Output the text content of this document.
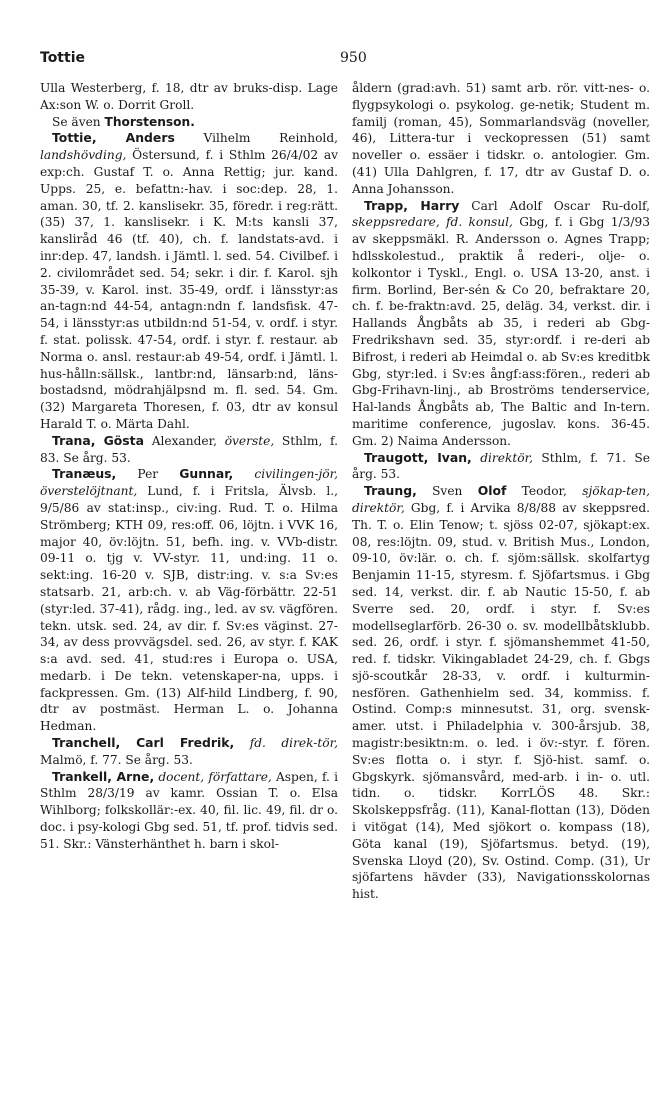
Tottie	950

Ulla Westerberg, f. 18, dtr av bruks-disp. Lage Ax:son W. o. Dorrit Groll.

Se även Thorstenson.

Tottie, Anders Vilhelm Reinhold, landshövding, Östersund, f. i Sthlm 26/4/02 av exp:ch. Gustaf T. o. Anna Rettig; jur. kand. Upps. 25, e. befattn:-hav. i soc:dep. 28, 1. aman. 30, tf. 2. kanslisekr. 35, föredr. i reg:rätt. (35) 37, 1. kanslisekr. i K. M:ts kansli 37, kanslіråd 46 (tf. 40), ch. f. landstats-avd. i inr:dep. 47, landsh. i Jämtl. l. sed. 54. Civilbef. i 2. civilområdet sed. 54; sekr. i dir. f. Karol. sjh 35-39, v. Karol. inst. 35-49, ordf. i länsstyr:as an-tagn:nd 44-54, antagn:ndn f. landsfisk. 47-54, i länsstyr:as utbildn:nd 51-54, v. ordf. i styr. f. stat. polissk. 47-54, ordf. i styr. f. restaur. ab Norma o. ansl. restaur:ab 49-54, ordf. i Jämtl. l. hus-hålln:sällsk., lantbr:nd, länsarb:nd, läns-bostadsnd, mödrahjälpsnd m. fl. sed. 54. Gm. (32) Margareta Thoresen, f. 03, dtr av konsul Harald T. o. Märta Dahl.

Trana, Gösta Alexander, överste, Sthlm, f. 83. Se årg. 53.

Tranæus, Per Gunnar, civilingen-jör, överstelöjtnant, Lund, f. i Fritsla, Älvsb. l., 9/5/86 av stat:insp., civ:ing. Rud. T. o. Hilma Strömberg; KTH 09, res:off. 06, löjtn. i VVK 16, major 40, öv:löjtn. 51, befh. ing. v. VVb-distr. 09-11 o. tjg v. VV-styr. 11, und:ing. 11 o. sekt:ing. 16-20 v. SJB, distr:ing. v. s:a Sv:es statsarb. 21, arb:ch. v. ab Väg-förbättr. 22-51 (styr:led. 37-41), rådg. ing., led. av sv. vägfören. tekn. utsk. sed. 24, av dir. f. Sv:es väginst. 27-34, av dess provvägsdel. sed. 26, av styr. f. KAK s:a avd. sed. 41, stud:res i Europa o. USA, medarb. i De tekn. vetenskaper-na, upps. i fackpressen. Gm. (13) Alf-hild Lindberg, f. 90, dtr av postmäst. Herman L. o. Johanna Hedman.

Tranchell, Carl Fredrik, fd. direk-tör, Malmö, f. 77. Se årg. 53.

Trankell, Arne, docent, författare, Aspen, f. i Sthlm 28/3/19 av kamr. Ossian T. o. Elsa Wihlborg; folkskollär:-ex. 40, fil. lic. 49, fil. dr o. doc. i psy-kologi Gbg sed. 51, tf. prof. tidvis sed. 51. Skr.: Vänsterhänthet h. barn i skol-

åldern (grad:avh. 51) samt arb. rör. vitt-nes- o. flygpsykologi o. psykolog. ge-netik; Student m. familj (roman, 45), Sommarlandsväg (noveller, 46), Littera-tur i veckopressen (51) samt noveller o. essäer i tidskr. o. antologier. Gm. (41) Ulla Dahlgren, f. 17, dtr av Gustaf D. o. Anna Johansson.

Trapp, Harry Carl Adolf Oscar Ru-dolf, skeppsredare, fd. konsul, Gbg, f. i Gbg 1/3/93 av skeppsmäkl. R. Andersson o. Agnes Trapp; hdlsskolestud., praktik å rederi-, olje- o. kolkontor i Tyskl., Engl. o. USA 13-20, anst. i firm. Borlind, Ber-sén & Co 20, befraktare 20, ch. f. be-fraktn:avd. 25, deläg. 34, verkst. dir. i Hallands Ångbåts ab 35, i rederi ab Gbg-Fredrikshavn sed. 35, styr:ordf. i re-deri ab Bifrost, i rederi ab Heimdal o. ab Sv:es kreditbk Gbg, styr:led. i Sv:es ångf:ass:fören., rederi ab Gbg-Frihavn-linj., ab Broströms tenderservice, Hal-lands Ångbåts ab, The Baltic and In-tern. maritime conference, jugoslav. kons. 36-45. Gm. 2) Naima Andersson.

Traugott, Ivan, direktör, Sthlm, f. 71. Se årg. 53.

Traung, Sven Olof Teodor, sjökap-ten, direktör, Gbg, f. i Arvika 8/8/88 av skeppsred. Th. T. o. Elin Tenow; t. sjöss 02-07, sjökapt:ex. 08, res:löjtn. 09, stud. v. British Mus., London, 09-10, öv:lär. o. ch. f. sjöm:sällsk. skolfartyg Benjamin 11-15, styresm. f. Sjöfartsmus. i Gbg sed. 14, verkst. dir. f. ab Nautic 15-50, f. ab Sverre sed. 20, ordf. i styr. f. Sv:es modellseglarförb. 26-30 o. sv. modellbåtsklubb. sed. 26, ordf. i styr. f. sjömanshemmet 41-50, red. f. tidskr. Vikingabladet 24-29, ch. f. Gbgs sjö-scoutkår 28-33, v. ordf. i kulturmin-nesfören. Gathenhielm sed. 34, kommiss. f. Ostind. Comp:s minnesutst. 31, org. svensk-amer. utst. i Philadelphia v. 300-årsjub. 38, magistr:besiktn:m. o. led. i öv:-styr. f. fören. Sv:es flotta o. i styr. f. Sjö-hist. samf. o. Gbgskyrk. sjömansvård, med-arb. i in- o. utl. tidn. o. tidskr. KorrLÖS 48. Skr.: Skolskeppsfråg. (11), Kanal-flottan (13), Döden i vitögat (14), Med sjökort o. kompass (18), Göta kanal (19), Sjöfartsmus. betyd. (19), Svenska Lloyd (20), Sv. Ostind. Comp. (31), Ur sjöfartens hävder (33), Navigationsskolornas hist.
